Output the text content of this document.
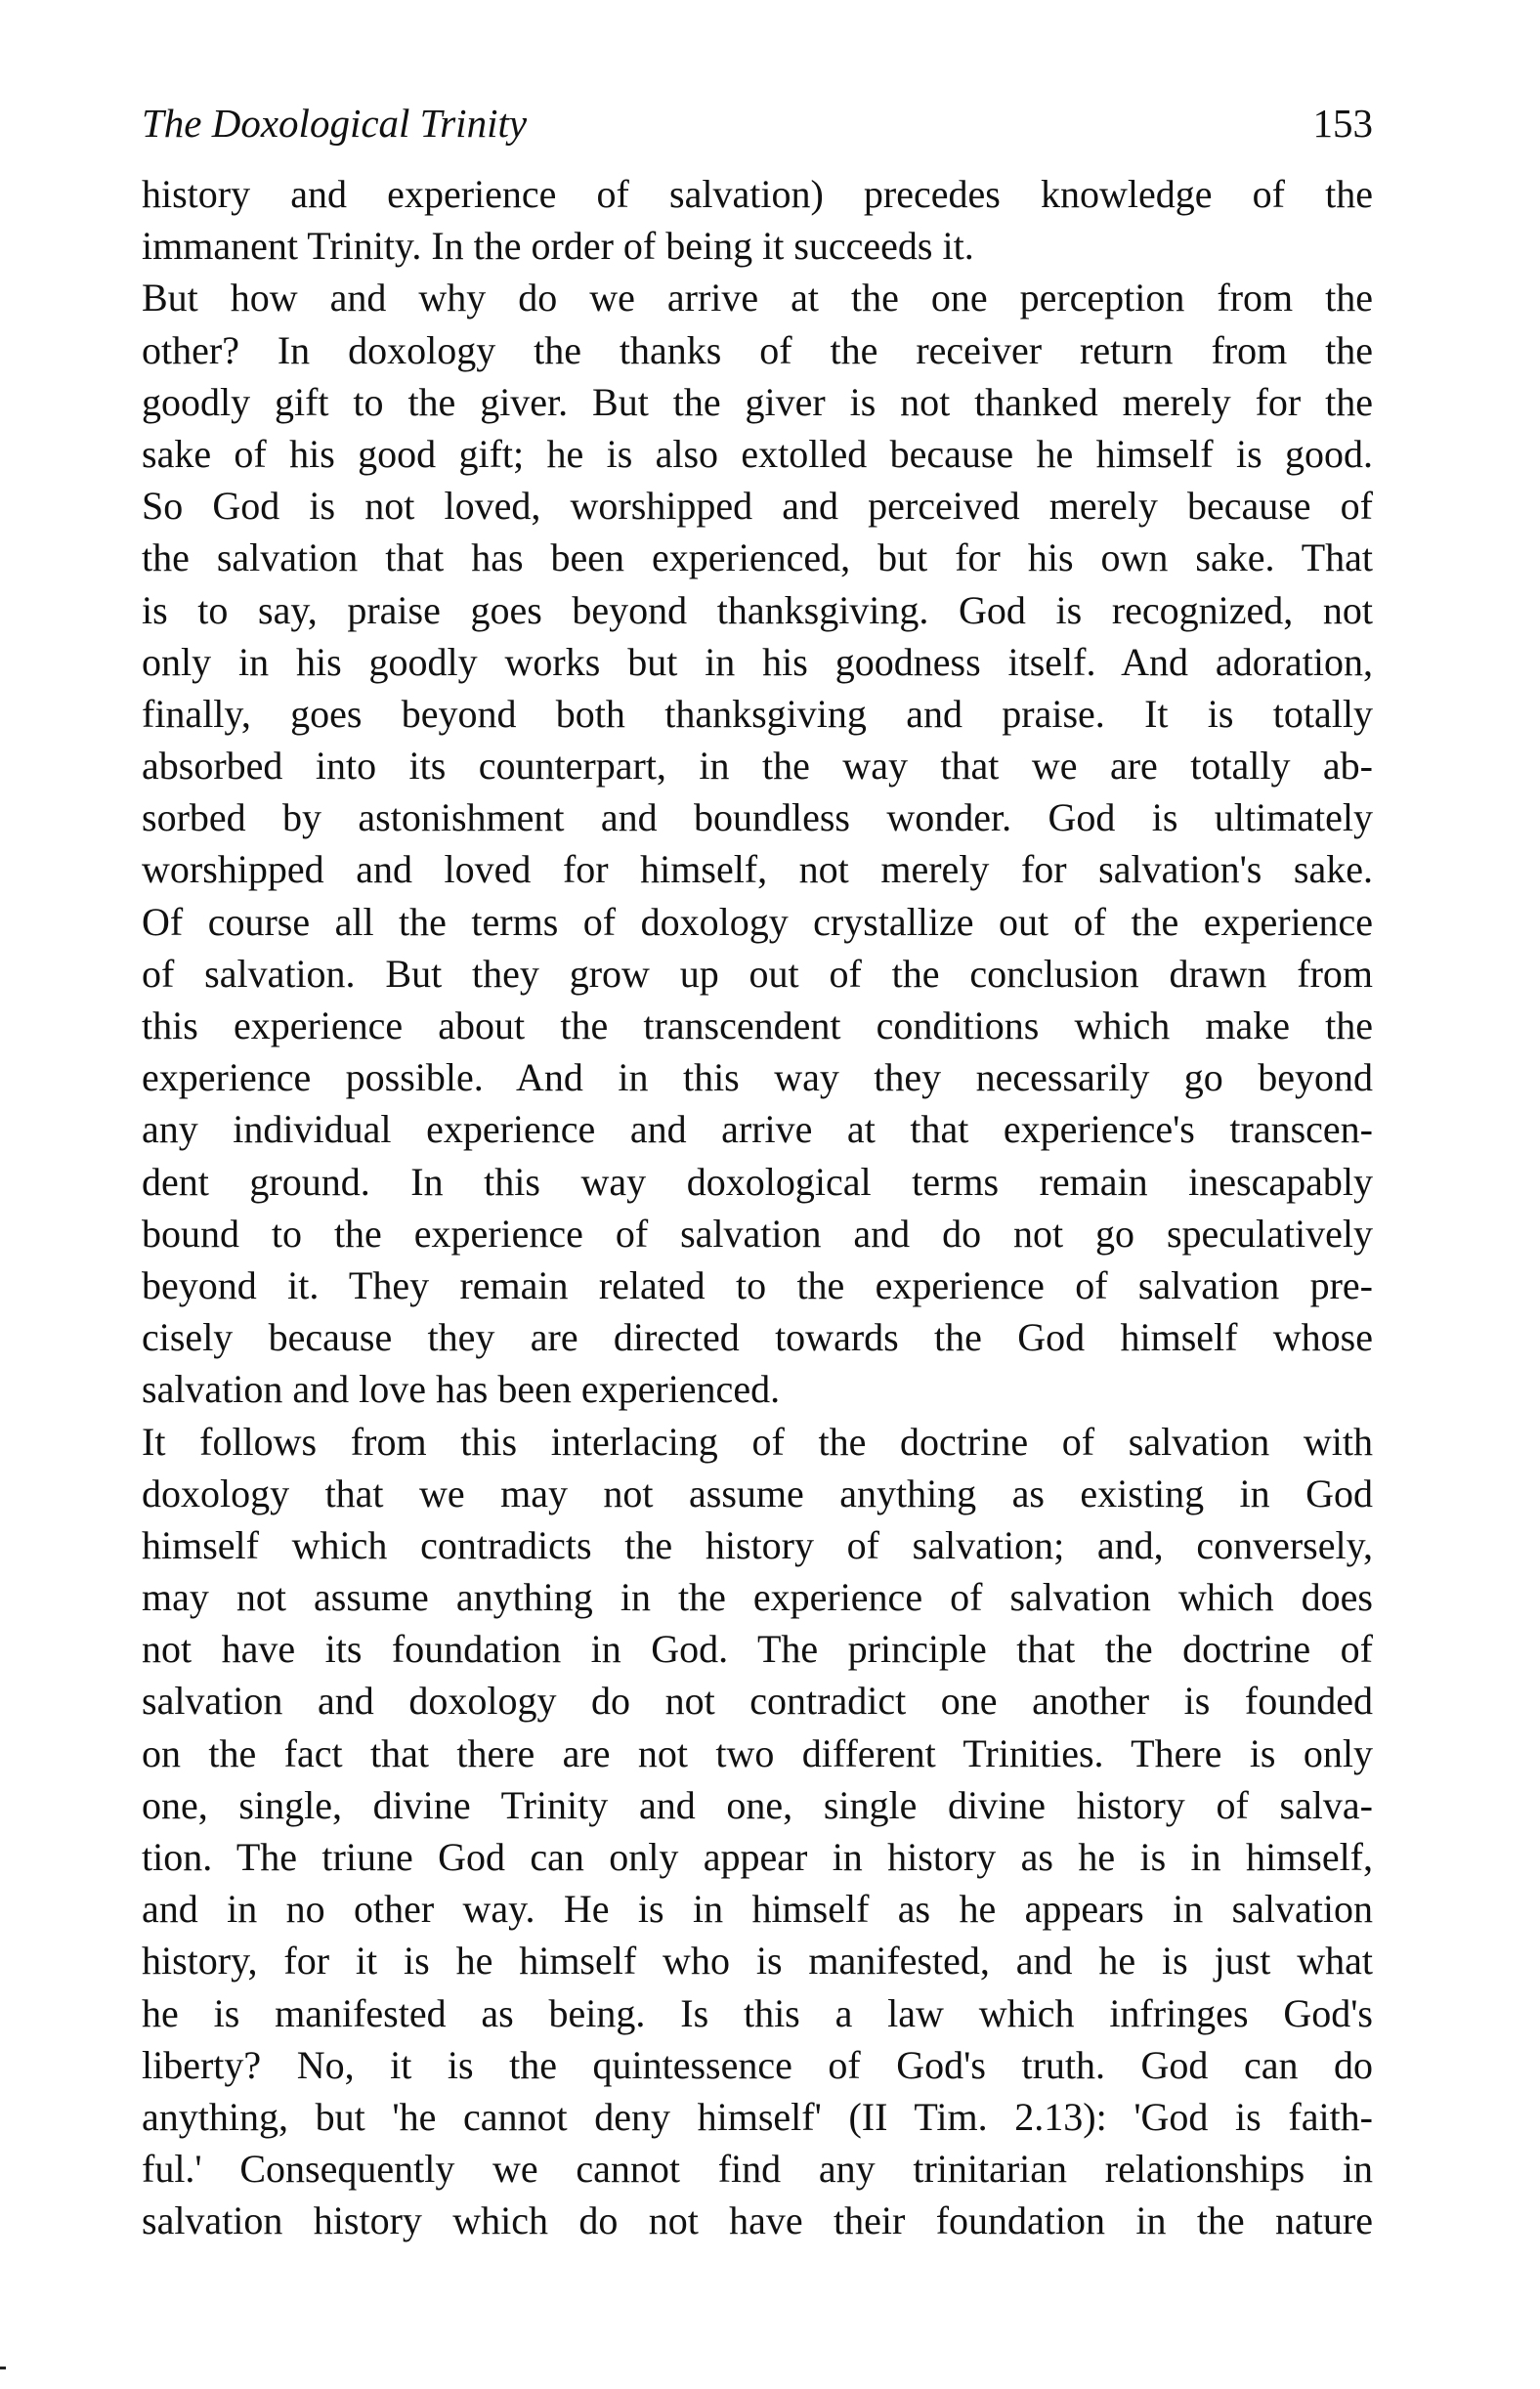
The Doxological Trinity	153
history and experience of salvation) precedes knowledge of the
immanent Trinity. In the order of being it succeeds it.
But how and why do we arrive at the one perception from the
other? In doxology the thanks of the receiver return from the
goodly gift to the giver. But the giver is not thanked merely for the
sake of his good gift; he is also extolled because he himself is good.
So God is not loved, worshipped and perceived merely because of
the salvation that has been experienced, but for his own sake. That
is to say, praise goes beyond thanksgiving. God is recognized, not
only in his goodly works but in his goodness itself. And adoration,
finally, goes beyond both thanksgiving and praise. It is totally
absorbed into its counterpart, in the way that we are totally ab-
sorbed by astonishment and boundless wonder. God is ultimately
worshipped and loved for himself, not merely for salvation's sake.
Of course all the terms of doxology crystallize out of the experience
of salvation. But they grow up out of the conclusion drawn from
this experience about the transcendent conditions which make the
experience possible. And in this way they necessarily go beyond
any individual experience and arrive at that experience's transcen-
dent ground. In this way doxological terms remain inescapably
bound to the experience of salvation and do not go speculatively
beyond it. They remain related to the experience of salvation pre-
cisely because they are directed towards the God himself whose
salvation and love has been experienced.
It follows from this interlacing of the doctrine of salvation with
doxology that we may not assume anything as existing in God
himself which contradicts the history of salvation; and, conversely,
may not assume anything in the experience of salvation which does
not have its foundation in God. The principle that the doctrine of
salvation and doxology do not contradict one another is founded
on the fact that there are not two different Trinities. There is only
one, single, divine Trinity and one, single divine history of salva-
tion. The triune God can only appear in history as he is in himself,
and in no other way. He is in himself as he appears in salvation
history, for it is he himself who is manifested, and he is just what
he is manifested as being. Is this a law which infringes God's
liberty? No, it is the quintessence of God's truth. God can do
anything, but 'he cannot deny himself' (II Tim. 2.13): 'God is faith-
ful.' Consequently we cannot find any trinitarian relationships in
salvation history which do not have their foundation in the nature
